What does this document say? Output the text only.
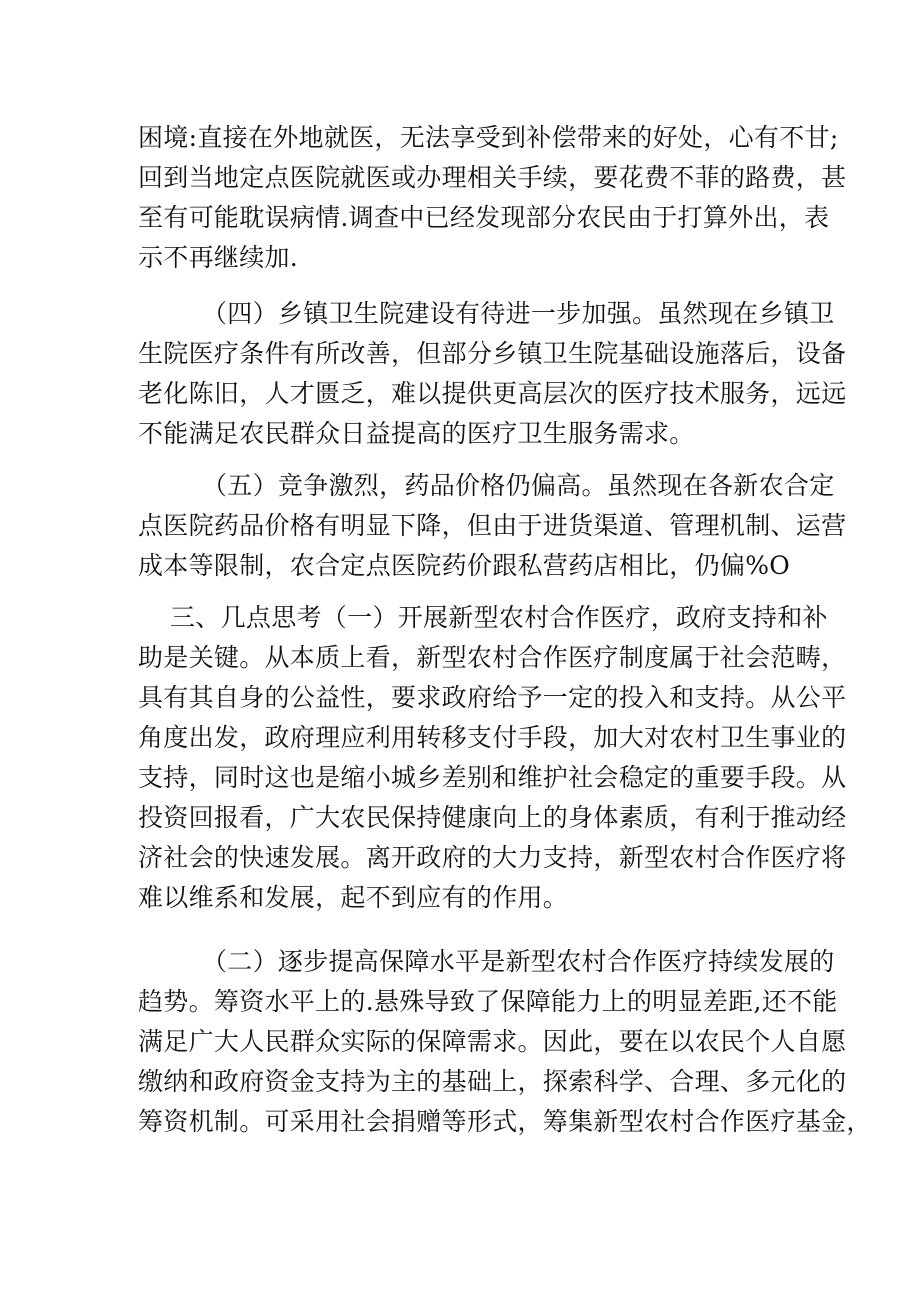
困境:直接在外地就医，无法享受到补偿带来的好处，心有不甘;
回到当地定点医院就医或办理相关手续，要花费不菲的路费，甚
至有可能耽误病情.调查中已经发现部分农民由于打算外出，表
示不再继续加.
（四）乡镇卫生院建设有待进一步加强。虽然现在乡镇卫
生院医疗条件有所改善，但部分乡镇卫生院基础设施落后，设备
老化陈旧，人才匮乏，难以提供更高层次的医疗技术服务，远远
不能满足农民群众日益提高的医疗卫生服务需求。
（五）竞争激烈，药品价格仍偏高。虽然现在各新农合定
点医院药品价格有明显下降，但由于进货渠道、管理机制、运营
成本等限制，农合定点医院药价跟私营药店相比，仍偏%O
三、几点思考（一）开展新型农村合作医疗，政府支持和补
助是关键。从本质上看，新型农村合作医疗制度属于社会范畴，
具有其自身的公益性，要求政府给予一定的投入和支持。从公平
角度出发，政府理应利用转移支付手段，加大对农村卫生事业的
支持，同时这也是缩小城乡差别和维护社会稳定的重要手段。从
投资回报看，广大农民保持健康向上的身体素质，有利于推动经
济社会的快速发展。离开政府的大力支持，新型农村合作医疗将
难以维系和发展，起不到应有的作用。
（二）逐步提高保障水平是新型农村合作医疗持续发展的
趋势。筹资水平上的.悬殊导致了保障能力上的明显差距,还不能
满足广大人民群众实际的保障需求。因此，要在以农民个人自愿
缴纳和政府资金支持为主的基础上，探索科学、合理、多元化的
筹资机制。可采用社会捐赠等形式，筹集新型农村合作医疗基金，
